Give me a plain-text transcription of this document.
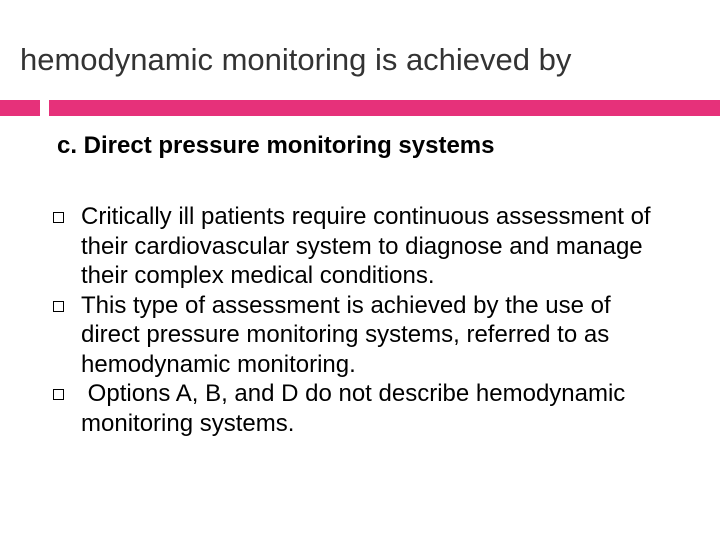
hemodynamic monitoring is achieved by
c. Direct pressure monitoring systems
Critically ill patients require continuous assessment of their cardiovascular system to diagnose and manage their complex medical conditions.
This type of assessment is achieved by the use of direct pressure monitoring systems, referred to as hemodynamic monitoring.
Options A, B, and D do not describe hemodynamic monitoring systems.
